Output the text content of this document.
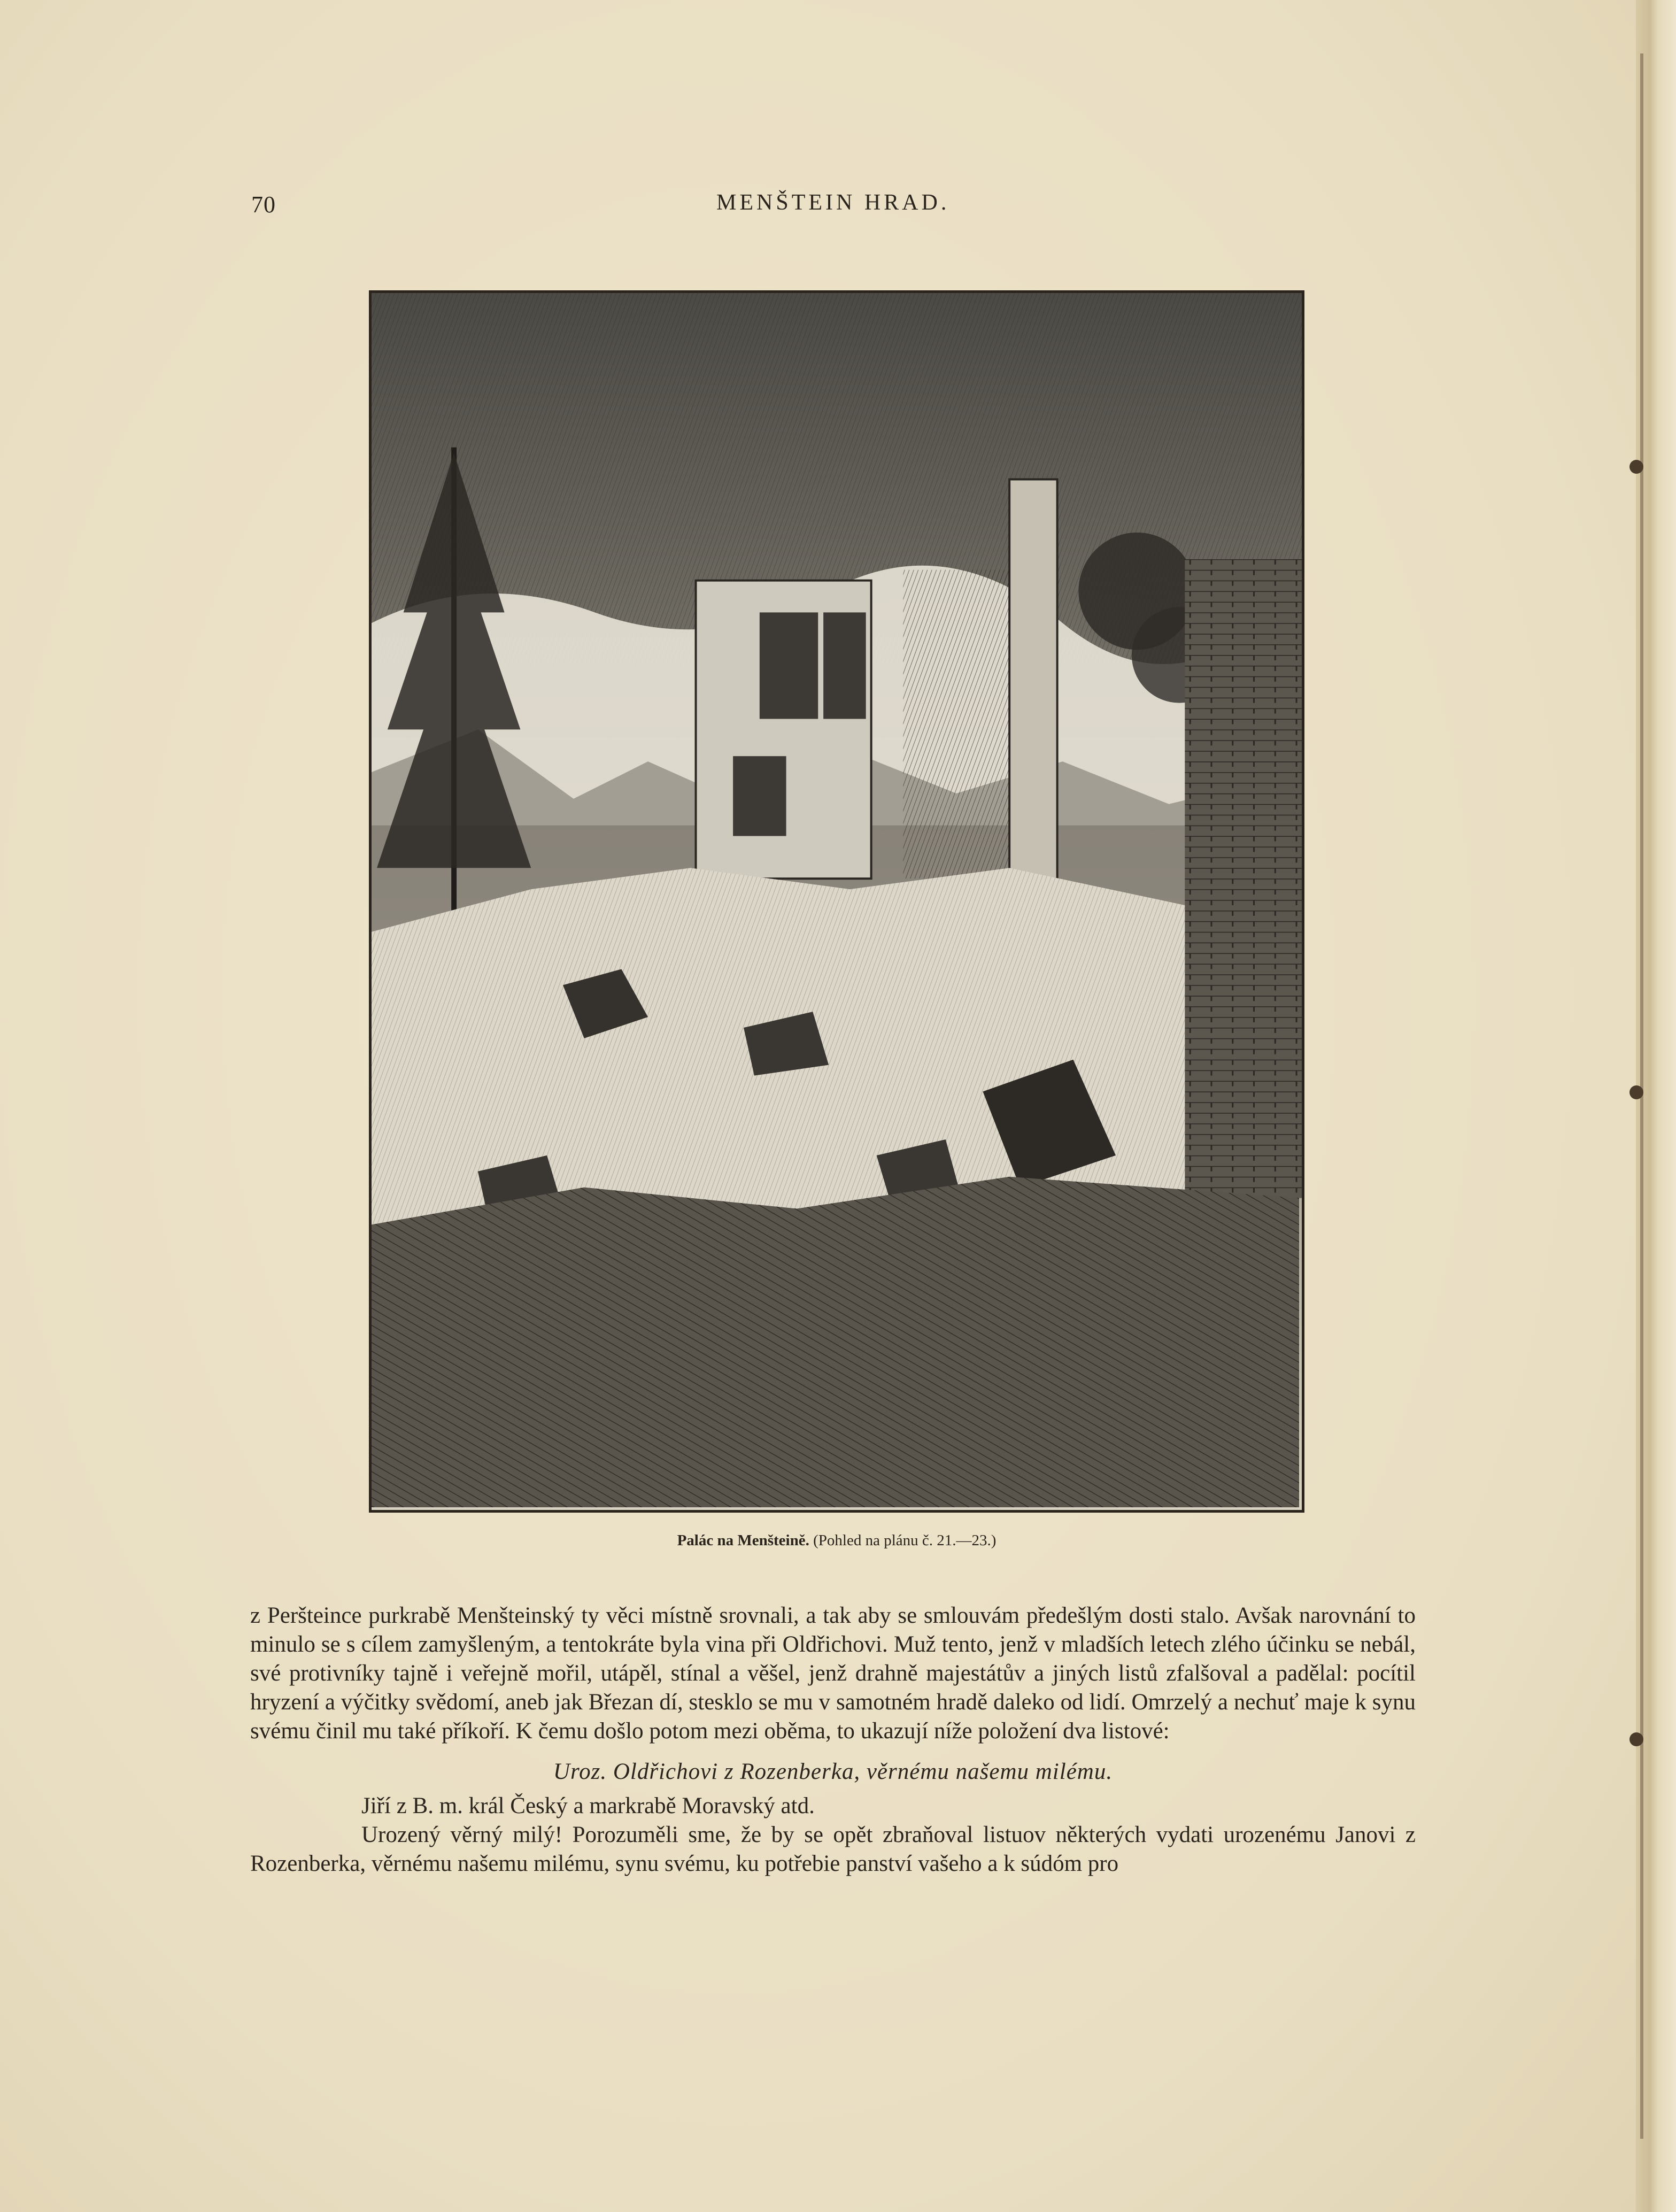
70	MENŠTEIN HRAD.
Palác na Menšteině. (Pohled na plánu č. 21.—23.)

z Peršteince purkrabě Menšteinský ty věci místně srovnali, a tak aby se smlouvám předešlým dosti stalo. Avšak narovnání to minulo se s cílem zamyšleným, a tentokráte byla vina při Oldřichovi. Muž tento, jenž v mladších letech zlého účinku se nebál, své protivníky tajně i veřejně mořil, utápěl, stínal a věšel, jenž drahně majestátův a jiných listů zfalšoval a padělal: pocítil hryzení a výčitky svědomí, aneb jak Březan dí, stesklo se mu v samotném hradě daleko od lidí. Omrzelý a nechuť maje k synu svému činil mu také příkoří. K čemu došlo potom mezi oběma, to ukazují níže položení dva listové:

Uroz. Oldřichovi z Rozenberka, věrnému našemu milému.

Jiří z B. m. král Český a markrabě Moravský atd.

Urozený věrný milý! Porozuměli sme, že by se opět zbraňoval listuov některých vydati urozenému Janovi z Rozenberka, věrnému našemu milému, synu svému, ku potřebie panství vašeho a k súdóm pro
